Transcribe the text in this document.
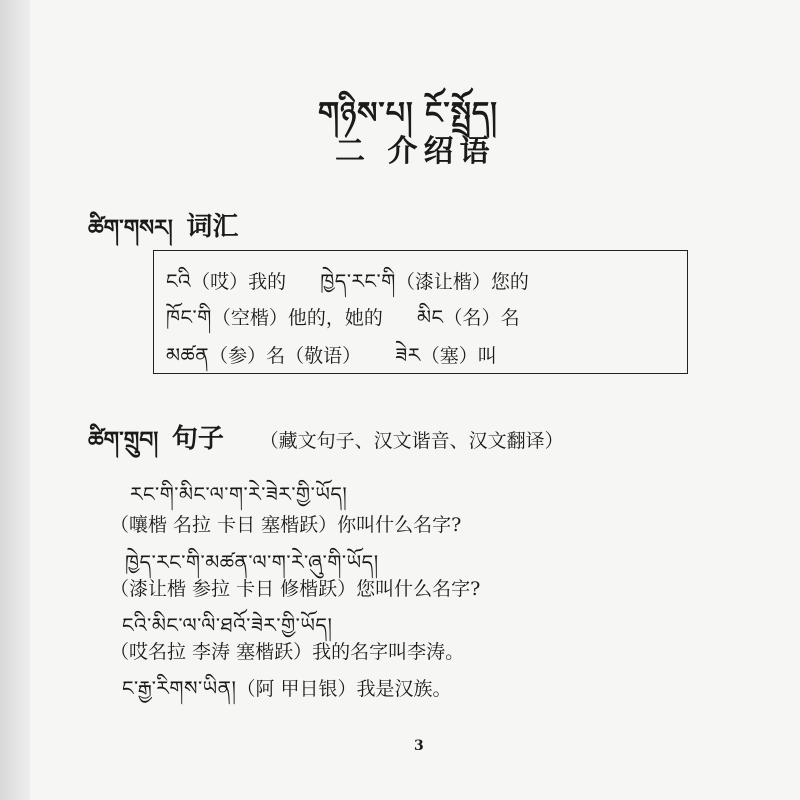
གཉིས་པ། ངོ་སྤྲོད།
二 介绍语
ཚིག་གསར། 词汇
ངའི（哎）我的 ཁྱེད་རང་གི（漆让楷）您的
ཁོང་གི（空楷）他的，她的 མིང（名）名
མཚན（参）名（敬语） ཟེར（塞）叫
ཚིག་གྲུབ། 句子 （藏文句子、汉文谐音、汉文翻译）
རང་གི་མིང་ལ་ག་རེ་ཟེར་གྱི་ཡོད།
（嚷楷 名拉 卡日 塞楷跃）你叫什么名字?
ཁྱེད་རང་གི་མཚན་ལ་ག་རེ་ཞུ་གི་ཡོད།
（漆让楷 参拉 卡日 修楷跃）您叫什么名字?
ངའི་མིང་ལ་ལི་ཐའོ་ཟེར་གྱི་ཡོད།
（哎名拉 李涛 塞楷跃）我的名字叫李涛。
ང་རྒྱ་རིགས་ཡིན།（阿 甲日银）我是汉族。
3
